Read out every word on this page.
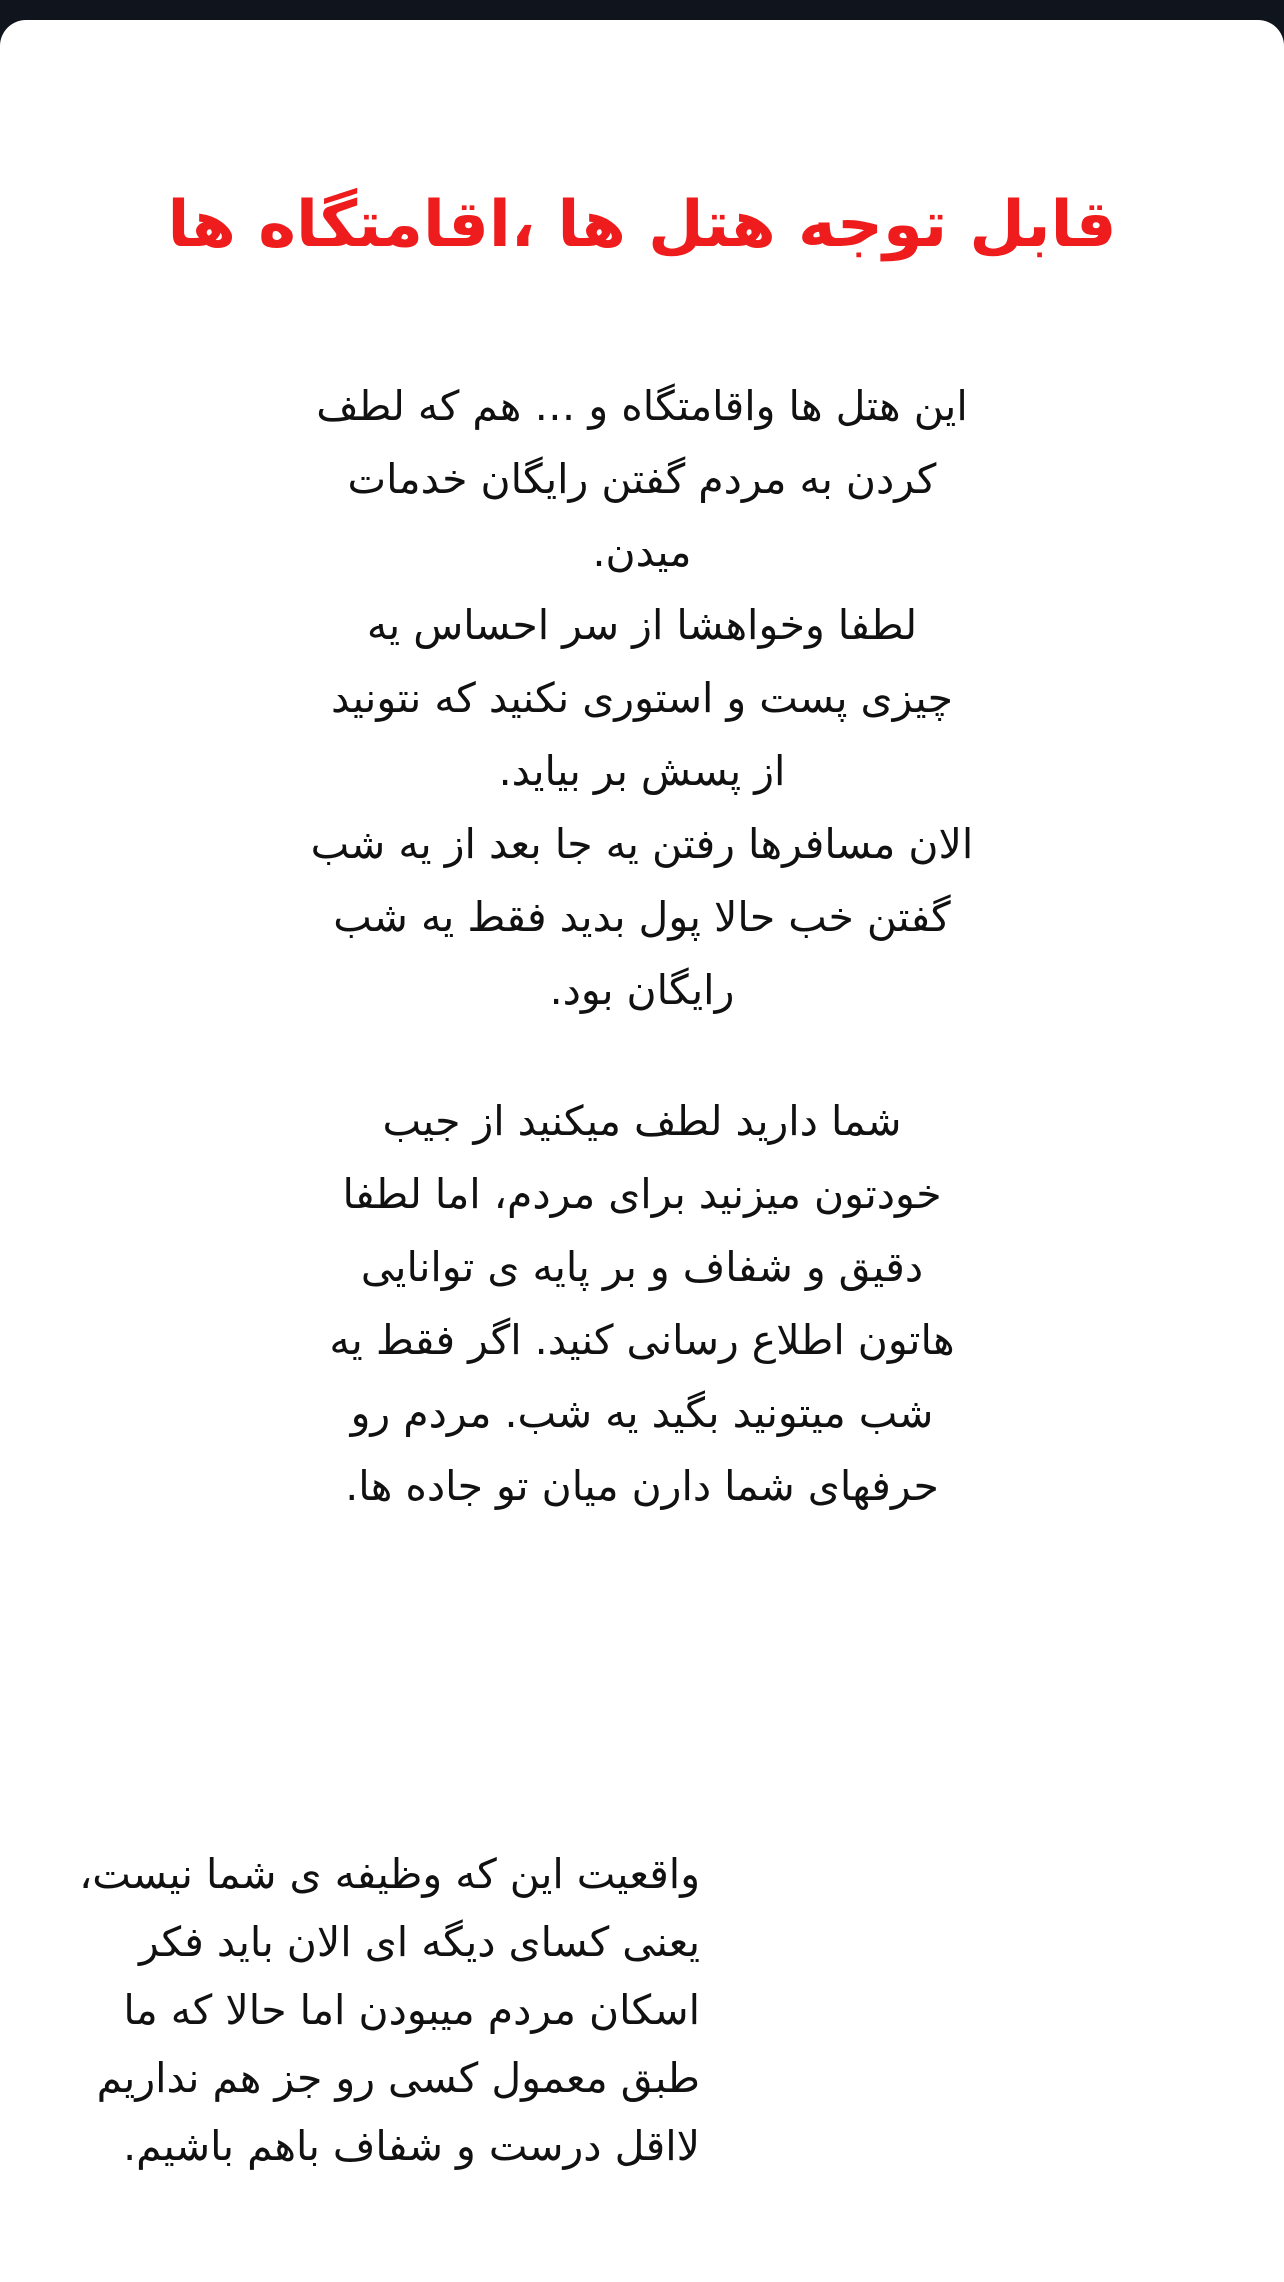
قابل توجه هتل ها ،اقامتگاه ها
این هتل ها واقامتگاه و … هم که لطف
کردن به مردم گفتن رایگان خدمات
میدن.
لطفا وخواهشا از سر احساس یه
چیزی پست و استوری نکنید که نتونید
از پسش بر بیاید.
الان مسافرها رفتن یه جا بعد از یه شب
گفتن خب حالا پول بدید فقط یه شب
رایگان بود.
شما دارید لطف میکنید از جیب
خودتون میزنید برای مردم، اما لطفا
دقیق و شفاف و بر پایه ی توانایی
هاتون اطلاع رسانی کنید. اگر فقط یه
شب میتونید بگید یه شب. مردم رو
حرفهای شما دارن میان تو جاده ها.
واقعیت این که وظیفه ی شما نیست،
یعنی کسای دیگه ای الان باید فکر
اسکان مردم میبودن اما حالا که ما
طبق معمول کسی رو جز هم نداریم
لااقل درست و شفاف باهم باشیم.
